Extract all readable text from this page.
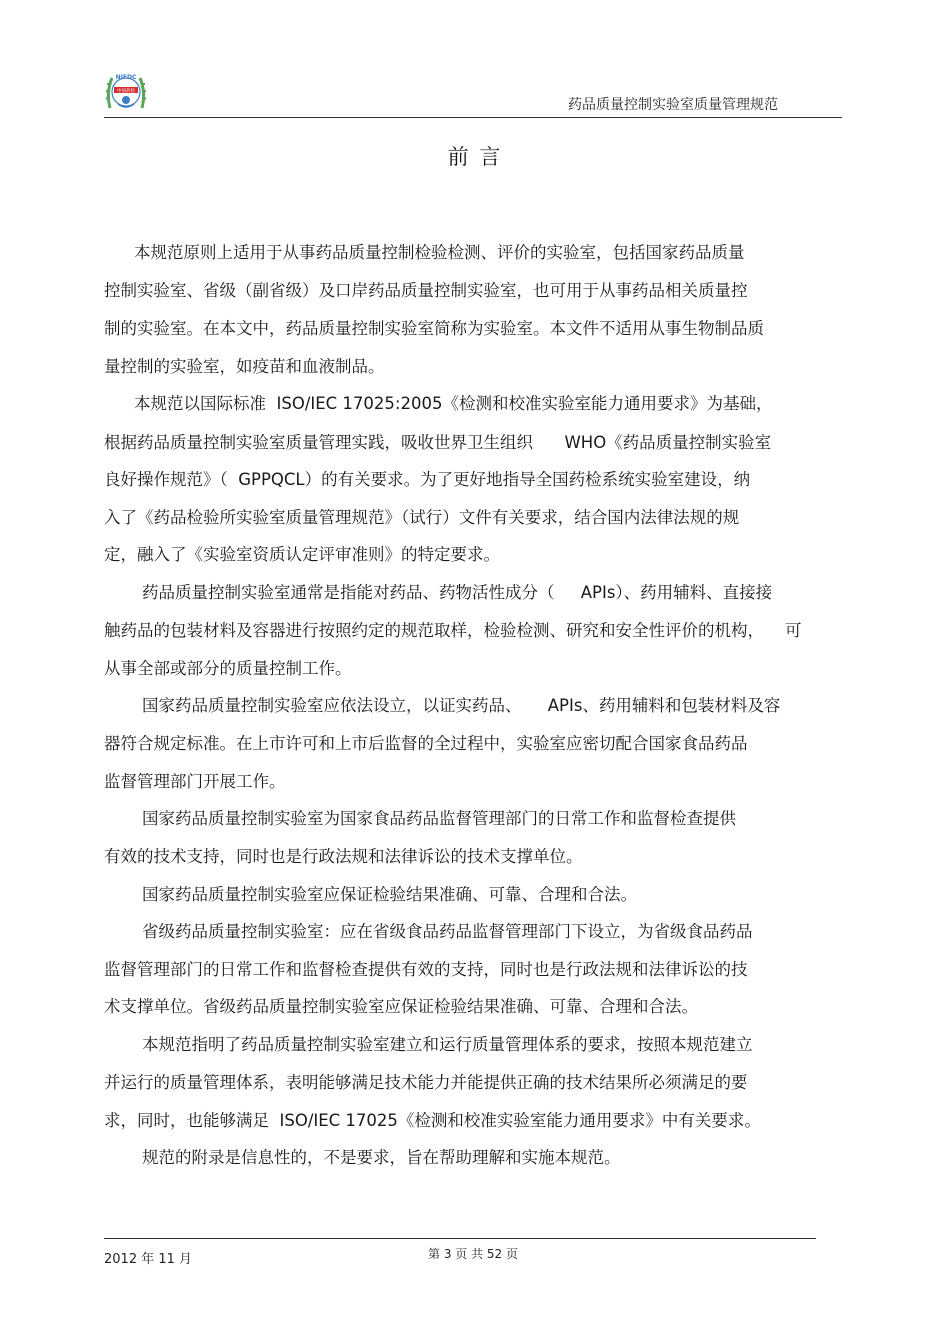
NIFDC
中国药检
药品质量控制实验室质量管理规范
前 言
本规范原则上适用于从事药品质量控制检验检测、评价的实验室，包括国家药品质量
控制实验室、省级（副省级）及口岸药品质量控制实验室，也可用于从事药品相关质量控
制的实验室。在本文中，药品质量控制实验室简称为实验室。本文件不适用从事生物制品质
量控制的实验室，如疫苗和血液制品。
本规范以国际标准  ISO/IEC 17025:2005《检测和校准实验室能力通用要求》为基础，
根据药品质量控制实验室质量管理实践，吸收世界卫生组织      WHO《药品质量控制实验室
良好操作规范》（  GPPQCL）的有关要求。为了更好地指导全国药检系统实验室建设，纳
入了《药品检验所实验室质量管理规范》（试行）文件有关要求，结合国内法律法规的规
定，融入了《实验室资质认定评审准则》的特定要求。
药品质量控制实验室通常是指能对药品、药物活性成分（     APIs）、药用辅料、直接接
触药品的包装材料及容器进行按照约定的规范取样，检验检测、研究和安全性评价的机构，    可
从事全部或部分的质量控制工作。
国家药品质量控制实验室应依法设立，以证实药品、     APIs、药用辅料和包装材料及容
器符合规定标准。在上市许可和上市后监督的全过程中，实验室应密切配合国家食品药品
监督管理部门开展工作。
国家药品质量控制实验室为国家食品药品监督管理部门的日常工作和监督检查提供
有效的技术支持，同时也是行政法规和法律诉讼的技术支撑单位。
国家药品质量控制实验室应保证检验结果准确、可靠、合理和合法。
省级药品质量控制实验室：应在省级食品药品监督管理部门下设立，为省级食品药品
监督管理部门的日常工作和监督检查提供有效的支持，同时也是行政法规和法律诉讼的技
术支撑单位。省级药品质量控制实验室应保证检验结果准确、可靠、合理和合法。
本规范指明了药品质量控制实验室建立和运行质量管理体系的要求，按照本规范建立
并运行的质量管理体系，表明能够满足技术能力并能提供正确的技术结果所必须满足的要
求，同时，也能够满足  ISO/IEC 17025《检测和校准实验室能力通用要求》中有关要求。
规范的附录是信息性的，不是要求，旨在帮助理解和实施本规范。
2012 年 11 月	第 3 页 共 52 页
